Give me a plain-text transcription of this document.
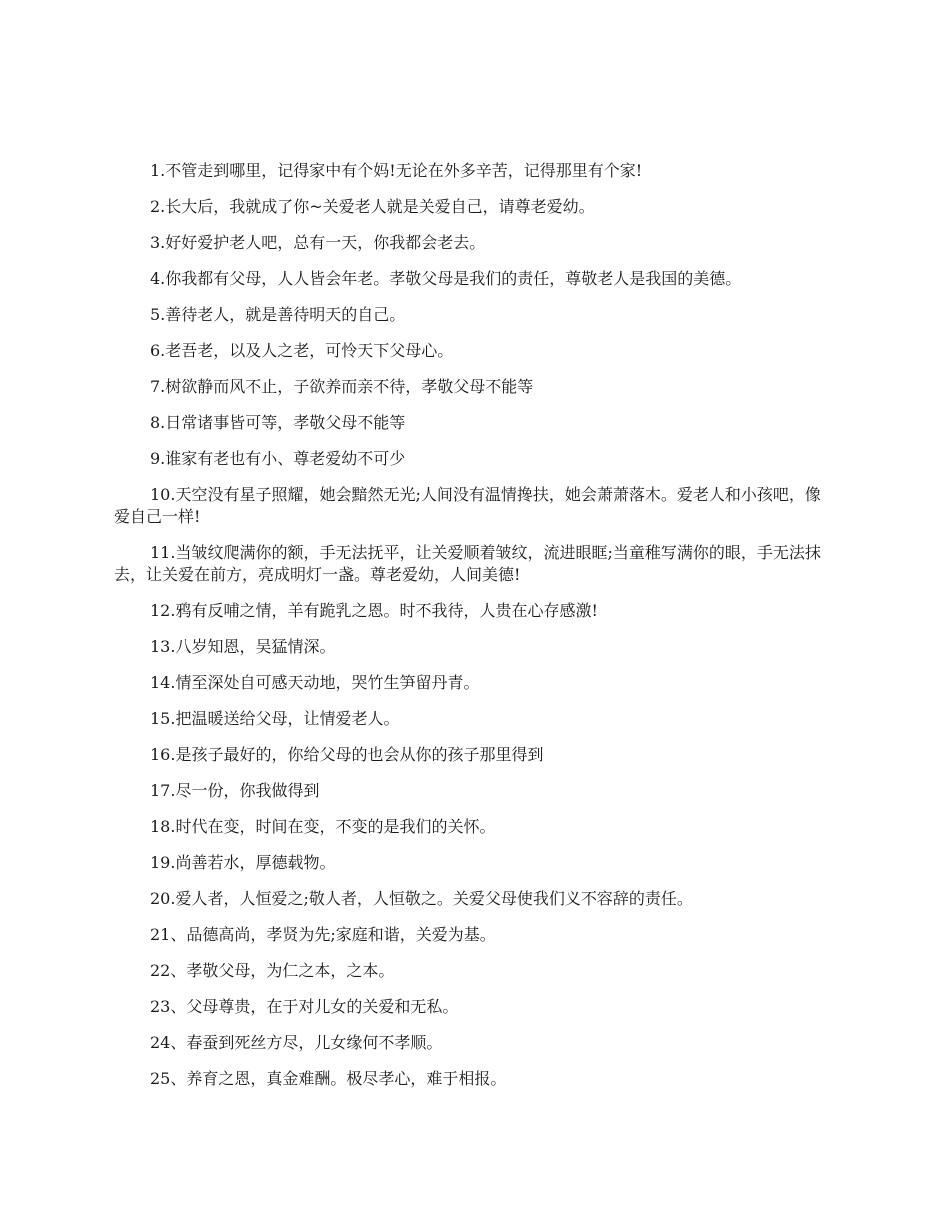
1.不管走到哪里，记得家中有个妈!无论在外多辛苦，记得那里有个家!

2.长大后，我就成了你~关爱老人就是关爱自己，请尊老爱幼。

3.好好爱护老人吧，总有一天，你我都会老去。

4.你我都有父母，人人皆会年老。孝敬父母是我们的责任，尊敬老人是我国的美德。

5.善待老人，就是善待明天的自己。

6.老吾老，以及人之老，可怜天下父母心。

7.树欲静而风不止，子欲养而亲不待，孝敬父母不能等

8.日常诸事皆可等，孝敬父母不能等

9.谁家有老也有小、尊老爱幼不可少

10.天空没有星子照耀，她会黯然无光;人间没有温情搀扶，她会萧萧落木。爱老人和小孩吧，像爱自己一样!

11.当皱纹爬满你的额，手无法抚平，让关爱顺着皱纹，流进眼眶;当童稚写满你的眼，手无法抹去，让关爱在前方，亮成明灯一盏。尊老爱幼，人间美德!

12.鸦有反哺之情，羊有跪乳之恩。时不我待，人贵在心存感激!

13.八岁知恩，吴猛情深。

14.情至深处自可感天动地，哭竹生笋留丹青。

15.把温暖送给父母，让情爱老人。

16.是孩子最好的，你给父母的也会从你的孩子那里得到

17.尽一份，你我做得到

18.时代在变，时间在变，不变的是我们的关怀。

19.尚善若水，厚德载物。

20.爱人者，人恒爱之;敬人者，人恒敬之。关爱父母使我们义不容辞的责任。

21、品德高尚，孝贤为先;家庭和谐，关爱为基。

22、孝敬父母，为仁之本，之本。

23、父母尊贵，在于对儿女的关爱和无私。

24、春蚕到死丝方尽，儿女缘何不孝顺。

25、养育之恩，真金难酬。极尽孝心，难于相报。
